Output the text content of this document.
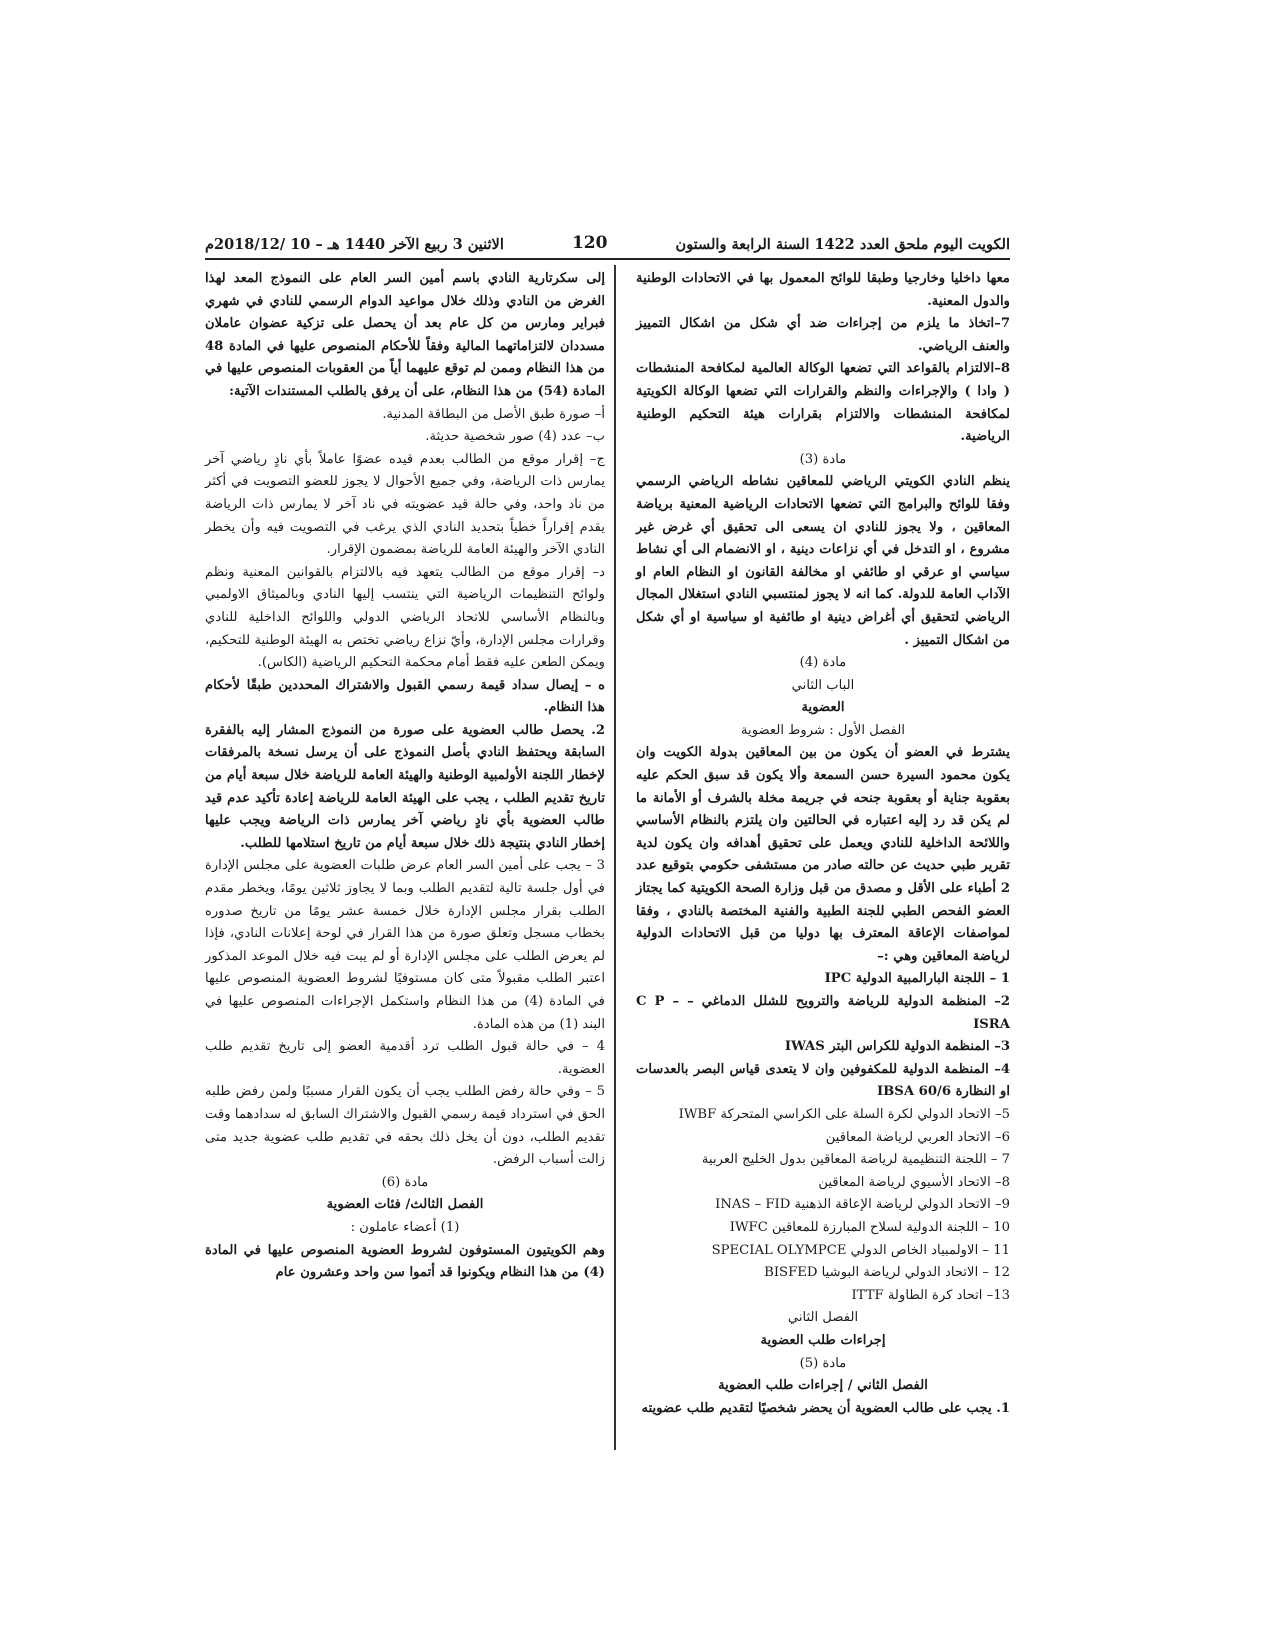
الكويت اليوم ملحق العدد 1422 السنة الرابعة والستون
120
الاثنين 3 ربيع الآخر 1440 هـ – 10 /2018/12م

معها داخليا وخارجيا وطبقا للوائح المعمول بها في الاتحادات الوطنية والدول المعنية.

7–اتخاذ ما يلزم من إجراءات ضد أي شكل من اشكال التمييز والعنف الرياضي.

8–الالتزام بالقواعد التي تضعها الوكالة العالمية لمكافحة المنشطات ( وادا ) والإجراءات والنظم والقرارات التي تضعها الوكالة الكويتية لمكافحة المنشطات والالتزام بقرارات هيئة التحكيم الوطنية الرياضية.

مادة (3)

ينظم النادي الكويتي الرياضي للمعاقين نشاطه الرياضي الرسمي وفقا للوائح والبرامج التي تضعها الاتحادات الرياضية المعنية برياضة المعاقين ، ولا يجوز للنادي ان يسعى الى تحقيق أي غرض غير مشروع ، او التدخل في أي نزاعات دينية ، او الانضمام الى أي نشاط سياسي او عرقي او طائفي او مخالفة القانون او النظام العام او الآداب العامة للدولة. كما انه لا يجوز لمنتسبي النادي استغلال المجال الرياضي لتحقيق أي أغراض دينية او طائفية او سياسية او أي شكل من اشكال التمييز .

مادة (4)

الباب الثاني

العضوية

الفصل الأول : شروط العضوية

يشترط في العضو أن يكون من بين المعاقين بدولة الكويت وان يكون محمود السيرة حسن السمعة وألا يكون قد سبق الحكم عليه بعقوبة جناية أو بعقوبة جنحه في جريمة مخلة بالشرف أو الأمانة ما لم يكن قد رد إليه اعتباره في الحالتين وان يلتزم بالنظام الأساسي واللائحة الداخلية للنادي ويعمل على تحقيق أهدافه وان يكون لدية تقرير طبي حديث عن حالته صادر من مستشفى حكومي بتوقيع عدد 2 أطباء على الأقل و مصدق من قبل وزارة الصحة الكويتية كما يجتاز العضو الفحص الطبي للجنة الطبية والفنية المختصة بالنادي ، وفقا لمواصفات الإعاقة المعترف بها دوليا من قبل الاتحادات الدولية لرياضة المعاقين وهي :–

1 – اللجنة البارالمبية الدولية IPC

2– المنظمة الدولية للرياضة والترويح للشلل الدماغي – C P – ISRA

3– المنظمة الدولية للكراس البتر IWAS

4– المنظمة الدولية للمكفوفين وان لا يتعدى قياس البصر بالعدسات او النظارة IBSA 60/6

5– الاتحاد الدولي لكرة السلة على الكراسي المتحركة IWBF

6– الاتحاد العربي لرياضة المعاقين

7 – اللجنة التنظيمية لرياضة المعاقين بدول الخليج العربية

8– الاتحاد الأسيوي لرياضة المعاقين

9– الاتحاد الدولي لرياضة الإعاقة الذهنية INAS – FID

10 – اللجنة الدولية لسلاح المبارزة للمعاقين IWFC

11 – الاولمبياد الخاص الدولي SPECIAL OLYMPCE

12 – الاتحاد الدولي لرياضة البوشيا BISFED

13– اتحاد كرة الطاولة ITTF

الفصل الثاني

إجراءات طلب العضوية

مادة (5)

الفصل الثاني / إجراءات طلب العضوية

1. يجب على طالب العضوية أن يحضر شخصيًا لتقديم طلب عضويته

إلى سكرتارية النادي باسم أمين السر العام على النموذج المعد لهذا الغرض من النادي وذلك خلال مواعيد الدوام الرسمي للنادي في شهري فبراير ومارس من كل عام بعد أن يحصل على تزكية عضوان عاملان مسددان لالتزاماتهما المالية وفقاً للأحكام المنصوص عليها في المادة 48 من هذا النظام وممن لم توقع عليهما أياً من العقوبات المنصوص عليها في المادة (54) من هذا النظام، على أن يرفق بالطلب المستندات الآتية:

أ– صورة طبق الأصل من البطاقة المدنية.

ب– عدد (4) صور شخصية حديثة.

ج– إقرار موقع من الطالب بعدم قيده عضوًا عاملاً بأي نادٍ رياضي آخر يمارس ذات الرياضة، وفي جميع الأحوال لا يجوز للعضو التصويت في أكثر من ناد واحد، وفي حالة قيد عضويته في ناد آخر لا يمارس ذات الرياضة يقدم إقراراً خطياً بتحديد النادي الذي يرغب في التصويت فيه وأن يخطر النادي الآخر والهيئة العامة للرياضة بمضمون الإقرار.

د– إقرار موقع من الطالب يتعهد فيه بالالتزام بالقوانين المعنية ونظم ولوائح التنظيمات الرياضية التي ينتسب إليها النادي وبالميثاق الاولمبي وبالنظام الأساسي للاتحاد الرياضي الدولي واللوائح الداخلية للنادي وقرارات مجلس الإدارة، وأيّ نزاع رياضي تختص به الهيئة الوطنية للتحكيم، ويمكن الطعن عليه فقط أمام محكمة التحكيم الرياضية (الكاس).

ه – إيصال سداد قيمة رسمي القبول والاشتراك المحددين طبقًا لأحكام هذا النظام.

2. يحصل طالب العضوية على صورة من النموذج المشار إليه بالفقرة السابقة ويحتفظ النادي بأصل النموذج على أن يرسل نسخة بالمرفقات لإخطار اللجنة الأولمبية الوطنية والهيئة العامة للرياضة خلال سبعة أيام من تاريخ تقديم الطلب ، يجب على الهيئة العامة للرياضة إعادة تأكيد عدم قيد طالب العضوية بأي نادٍ رياضي آخر يمارس ذات الرياضة ويجب عليها إخطار النادي بنتيجة ذلك خلال سبعة أيام من تاريخ استلامها للطلب.

3 – يجب على أمين السر العام عرض طلبات العضوية على مجلس الإدارة في أول جلسة تالية لتقديم الطلب وبما لا يجاوز ثلاثين يومًا، ويخطر مقدم الطلب بقرار مجلس الإدارة خلال خمسة عشر يومًا من تاريخ صدوره بخطاب مسجل وتعلق صورة من هذا القرار في لوحة إعلانات النادي، فإذا لم يعرض الطلب على مجلس الإدارة أو لم يبت فيه خلال الموعد المذكور اعتبر الطلب مقبولاً متى كان مستوفيًا لشروط العضوية المنصوص عليها في المادة (4) من هذا النظام واستكمل الإجراءات المنصوص عليها في البند (1) من هذه المادة.

4 – في حالة قبول الطلب ترد أقدمية العضو إلى تاريخ تقديم طلب العضوية.

5 – وفي حالة رفض الطلب يجب أن يكون القرار مسببًا ولمن رفض طلبه الحق في استرداد قيمة رسمي القبول والاشتراك السابق له سدادهما وقت تقديم الطلب، دون أن يخل ذلك بحقه في تقديم طلب عضوية جديد متى زالت أسباب الرفض.

مادة (6)

الفصل الثالث/ فئات العضوية

(1) أعضاء عاملون :

وهم الكويتيون المستوفون لشروط العضوية المنصوص عليها في المادة (4) من هذا النظام ويكونوا قد أتموا سن واحد وعشرون عام
